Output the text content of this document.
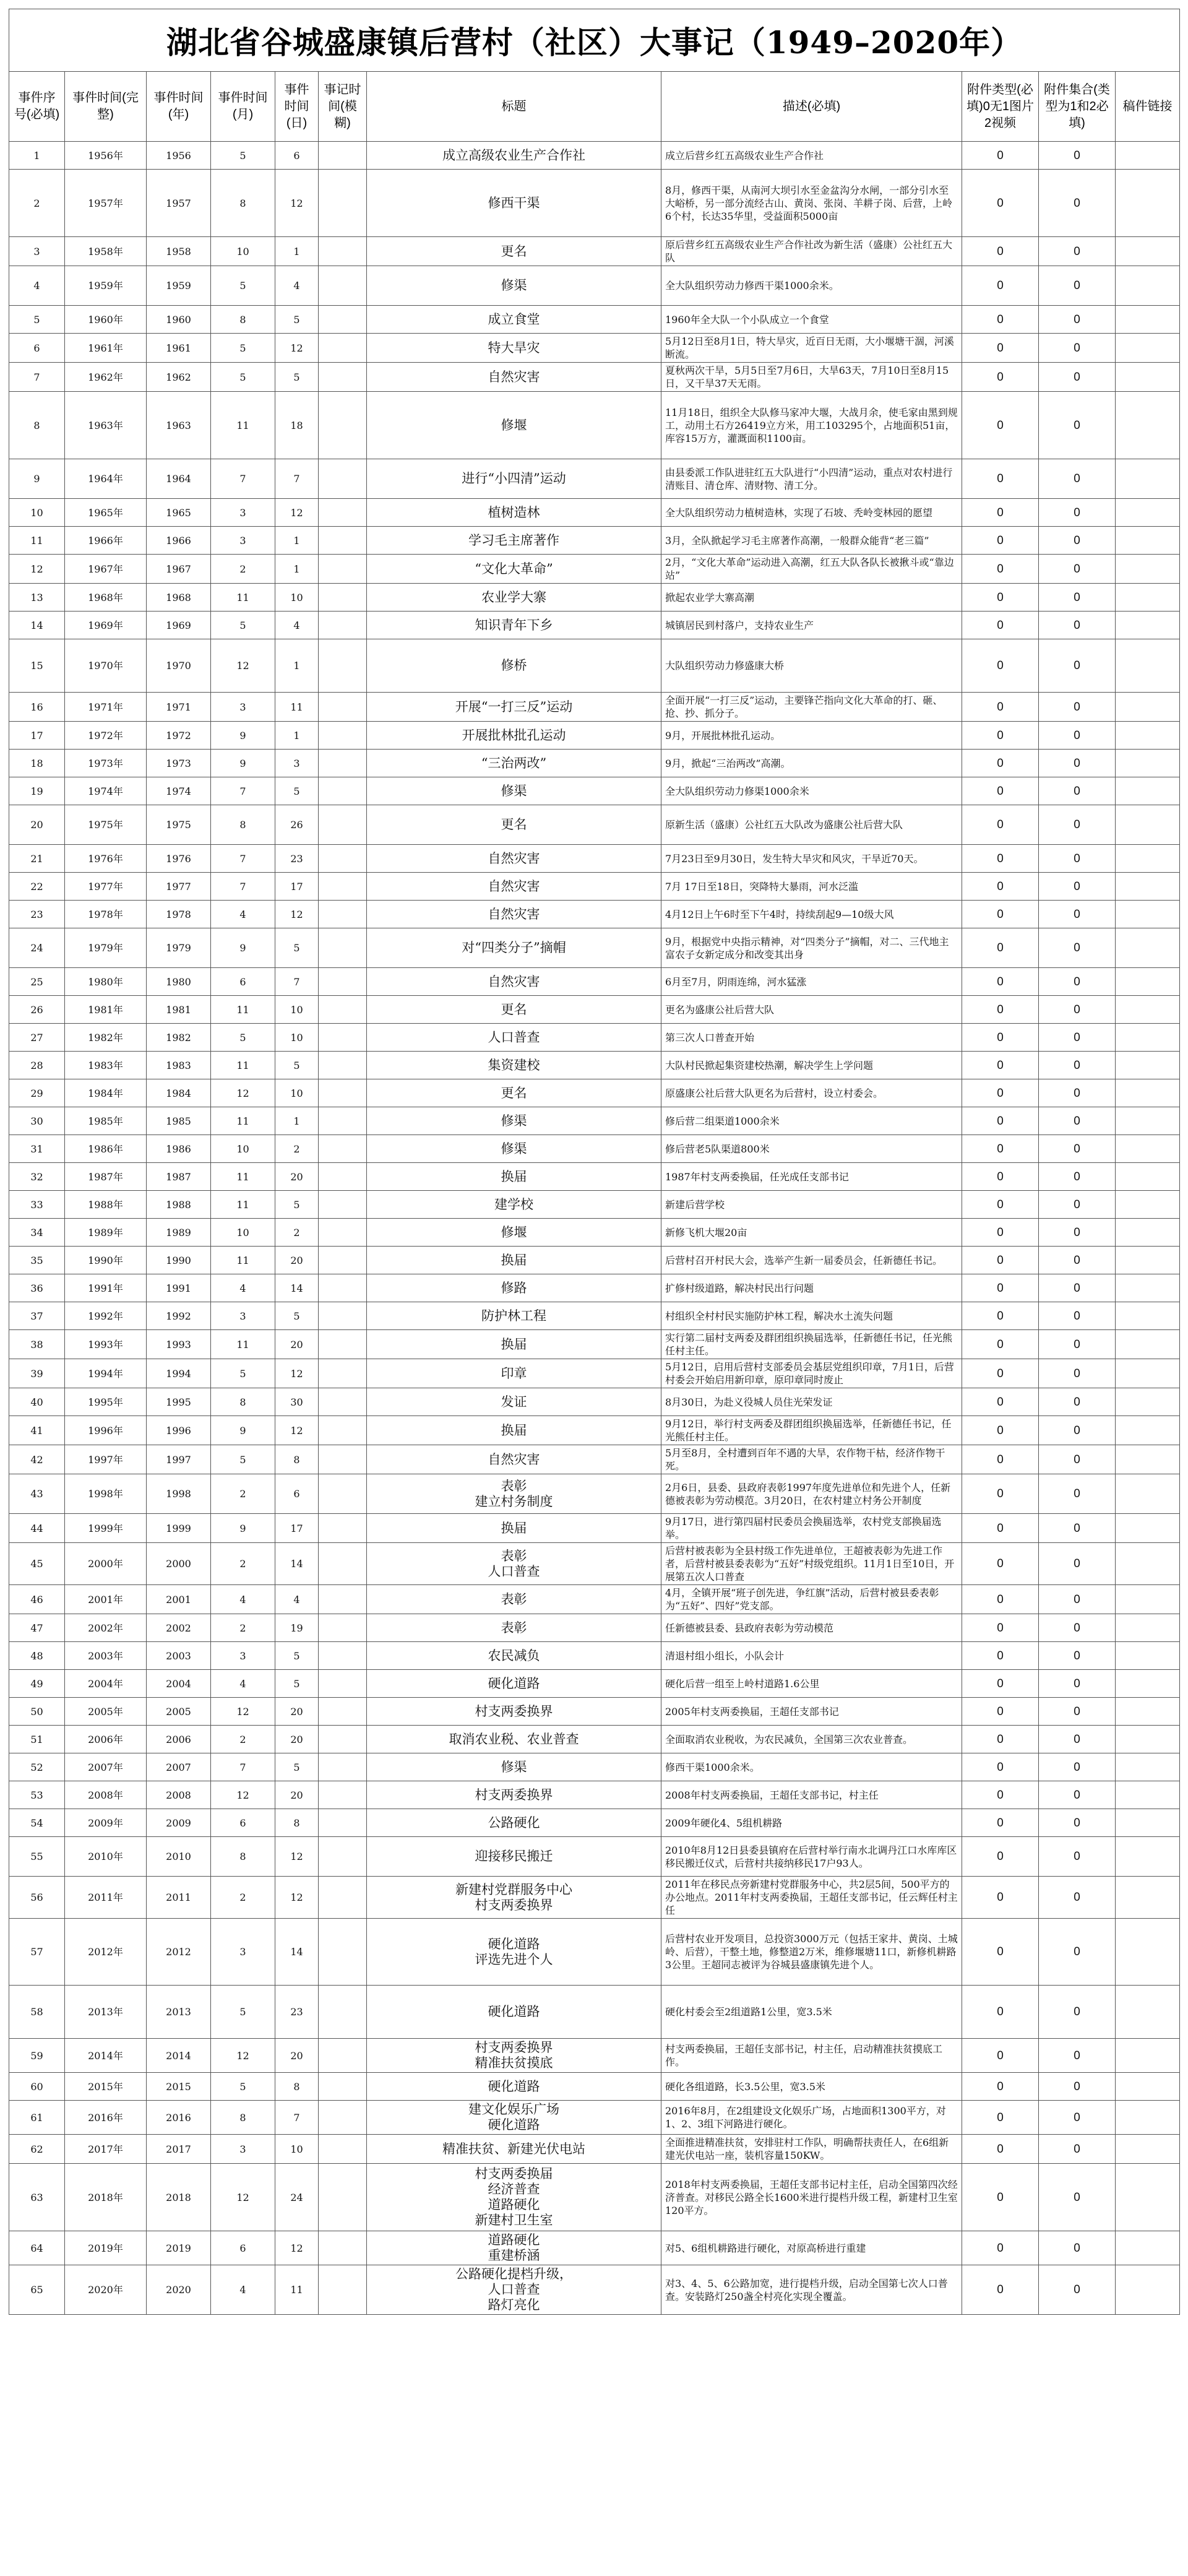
湖北省谷城盛康镇后营村（社区）大事记（1949–2020年）										
事件序号(必填)	事件时间(完整)	事件时间(年)	事件时间(月)	事件时间(日)	事记时间(模糊)	标题	描述(必填)	附件类型(必填)0无1图片2视频	附件集合(类型为1和2必填)	稿件链接
1	1956年	1956	5	6		成立高级农业生产合作社	成立后营乡红五高级农业生产合作社	0	0	
2	1957年	1957	8	12		修西干渠	8月，修西干渠，从南河大坝引水至金盆沟分水闸，一部分引水至大峪桥，另一部分流经古山、黄岗、张岗、羊耕子岗、后营，上岭6个村，长达35华里，受益面积5000亩	0	0	
3	1958年	1958	10	1		更名	原后营乡红五高级农业生产合作社改为新生活（盛康）公社红五大队	0	0	
4	1959年	1959	5	4		修渠	全大队组织劳动力修西干渠1000余米。	0	0	
5	1960年	1960	8	5		成立食堂	1960年全大队一个小队成立一个食堂	0	0	
6	1961年	1961	5	12		特大旱灾	5月12日至8月1日，特大旱灾，近百日无雨，大小堰塘干涸，河溪断流。	0	0	
7	1962年	1962	5	5		自然灾害	夏秋两次干旱，5月5日至7月6日，大旱63天，7月10日至8月15日，又干旱37天无雨。	0	0	
8	1963年	1963	11	18		修堰	11月18日，组织全大队修马家冲大堰，大战月余，使毛家由黑到规工，动用土石方26419立方米，用工103295个，占地面积51亩，库容15万方，灌溉面积1100亩。	0	0	
9	1964年	1964	7	7		进行“小四清”运动	由县委派工作队进驻红五大队进行“小四清”运动，重点对农村进行清账目、清仓库、清财物、清工分。	0	0	
10	1965年	1965	3	12		植树造林	全大队组织劳动力植树造林，实现了石坡、秃岭变林园的愿望	0	0	
11	1966年	1966	3	1		学习毛主席著作	3月，全队掀起学习毛主席著作高潮，一般群众能背“老三篇”	0	0	
12	1967年	1967	2	1		“文化大革命”	2月，“文化大革命”运动进入高潮，红五大队各队长被揪斗或“靠边站”	0	0	
13	1968年	1968	11	10		农业学大寨	掀起农业学大寨高潮	0	0	
14	1969年	1969	5	4		知识青年下乡	城镇居民到村落户，支持农业生产	0	0	
15	1970年	1970	12	1		修桥	大队组织劳动力修盛康大桥	0	0	
16	1971年	1971	3	11		开展“一打三反”运动	全面开展“一打三反”运动，主要锋芒指向文化大革命的打、砸、抢、抄、抓分子。	0	0	
17	1972年	1972	9	1		开展批林批孔运动	9月，开展批林批孔运动。	0	0	
18	1973年	1973	9	3		“三治两改”	9月，掀起“三治两改”高潮。	0	0	
19	1974年	1974	7	5		修渠	全大队组织劳动力修渠1000余米	0	0	
20	1975年	1975	8	26		更名	原新生活（盛康）公社红五大队改为盛康公社后营大队	0	0	
21	1976年	1976	7	23		自然灾害	7月23日至9月30日，发生特大旱灾和风灾，干旱近70天。	0	0	
22	1977年	1977	7	17		自然灾害	7月 17日至18日，突降特大暴雨，河水泛滥	0	0	
23	1978年	1978	4	12		自然灾害	4月12日上午6时至下午4时，持续刮起9—10级大风	0	0	
24	1979年	1979	9	5		对“四类分子”摘帽	9月，根据党中央指示精神，对“四类分子”摘帽，对二、三代地主富农子女新定成分和改变其出身	0	0	
25	1980年	1980	6	7		自然灾害	6月至7月，阴雨连绵，河水猛涨	0	0	
26	1981年	1981	11	10		更名	更名为盛康公社后营大队	0	0	
27	1982年	1982	5	10		人口普查	第三次人口普查开始	0	0	
28	1983年	1983	11	5		集资建校	大队村民掀起集资建校热潮，解决学生上学问题	0	0	
29	1984年	1984	12	10		更名	原盛康公社后营大队更名为后营村，设立村委会。	0	0	
30	1985年	1985	11	1		修渠	修后营二组渠道1000余米	0	0	
31	1986年	1986	10	2		修渠	修后营老5队渠道800米	0	0	
32	1987年	1987	11	20		换届	1987年村支两委换届，任光成任支部书记	0	0	
33	1988年	1988	11	5		建学校	新建后营学校	0	0	
34	1989年	1989	10	2		修堰	新修飞机大堰20亩	0	0	
35	1990年	1990	11	20		换届	后营村召开村民大会，选举产生新一届委员会，任新德任书记。	0	0	
36	1991年	1991	4	14		修路	扩修村级道路，解决村民出行问题	0	0	
37	1992年	1992	3	5		防护林工程	村组织全村村民实施防护林工程，解决水土流失问题	0	0	
38	1993年	1993	11	20		换届	实行第二届村支两委及群团组织换届选举，任新德任书记，任光熊任村主任。	0	0	
39	1994年	1994	5	12		印章	5月12日，启用后营村支部委员会基层党组织印章，7月1日，后营村委会开始启用新印章，原印章同时废止	0	0	
40	1995年	1995	8	30		发证	8月30日，为赴义役城人员住光荣发证	0	0	
41	1996年	1996	9	12		换届	9月12日，举行村支两委及群团组织换届选举，任新德任书记，任光熊任村主任。	0	0	
42	1997年	1997	5	8		自然灾害	5月至8月，全村遭到百年不遇的大旱，农作物干枯，经济作物干死。	0	0	
43	1998年	1998	2	6		表彰
建立村务制度	2月6日，县委、县政府表彰1997年度先进单位和先进个人，任新德被表彰为劳动模范。3月20日，在农村建立村务公开制度	0	0	
44	1999年	1999	9	17		换届	9月17日，进行第四届村民委员会换届选举，农村党支部换届选举。	0	0	
45	2000年	2000	2	14		表彰
人口普查	后营村被表彰为全县村级工作先进单位，王超被表彰为先进工作者，后营村被县委表彰为“五好”村级党组织。11月1日至10日，开展第五次人口普查	0	0	
46	2001年	2001	4	4		表彰	4月，全镇开展“班子创先进，争红旗”活动，后营村被县委表彰为“五好”、四好”党支部。	0	0	
47	2002年	2002	2	19		表彰	任新德被县委、县政府表彰为劳动模范	0	0	
48	2003年	2003	3	5		农民减负	清退村组小组长，小队会计	0	0	
49	2004年	2004	4	5		硬化道路	硬化后营一组至上岭村道路1.6公里	0	0	
50	2005年	2005	12	20		村支两委换界	2005年村支两委换届，王超任支部书记	0	0	
51	2006年	2006	2	20		取消农业税、农业普查	全面取消农业税收，为农民减负，全国第三次农业普查。	0	0	
52	2007年	2007	7	5		修渠	修西干渠1000余米。	0	0	
53	2008年	2008	12	20		村支两委换界	2008年村支两委换届，王超任支部书记，村主任	0	0	
54	2009年	2009	6	8		公路硬化	2009年硬化4、5组机耕路	0	0	
55	2010年	2010	8	12		迎接移民搬迁	2010年8月12日县委县镇府在后营村举行南水北调丹江口水库库区移民搬迁仪式，后营村共接纳移民17户93人。	0	0	
56	2011年	2011	2	12		新建村党群服务中心
村支两委换界	2011年在移民点旁新建村党群服务中心，共2层5间，500平方的办公地点。2011年村支两委换届，王超任支部书记，任云辉任村主任	0	0	
57	2012年	2012	3	14		硬化道路
评选先进个人	后营村农业开发项目，总投资3000万元（包括王家井、黄岗、土城岭、后营），干整土地，修整道2万米，维修堰塘11口，新修机耕路3公里。王超同志被评为谷城县盛康镇先进个人。	0	0	
58	2013年	2013	5	23		硬化道路	硬化村委会至2组道路1公里，宽3.5米	0	0	
59	2014年	2014	12	20		村支两委换界
精准扶贫摸底	村支两委换届，王超任支部书记，村主任，启动精准扶贫摸底工作。	0	0	
60	2015年	2015	5	8		硬化道路	硬化各组道路，长3.5公里，宽3.5米	0	0	
61	2016年	2016	8	7		建文化娱乐广场
硬化道路	2016年8月，在2组建设文化娱乐广场，占地面积1300平方，对1、2、3组下河路进行硬化。	0	0	
62	2017年	2017	3	10		精准扶贫、新建光伏电站	全面推进精准扶贫，安排驻村工作队，明确帮扶责任人，在6组新建光伏电站一座，装机容量150KW。	0	0	
63	2018年	2018	12	24		村支两委换届
经济普查
道路硬化
新建村卫生室	2018年村支两委换届，王超任支部书记村主任，启动全国第四次经济普查。对移民公路全长1600米进行提档升级工程，新建村卫生室120平方。	0	0	
64	2019年	2019	6	12		道路硬化
重建桥涵	对5、6组机耕路进行硬化，对原高桥进行重建	0	0	
65	2020年	2020	4	11		公路硬化提档升级，
人口普查
路灯亮化	对3、4、5、6公路加宽，进行提档升级，启动全国第七次人口普查。安装路灯250盏全村亮化实现全覆盖。	0	0	
